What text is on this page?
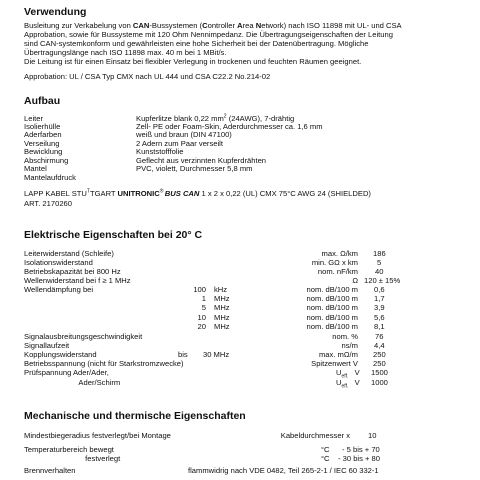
Verwendung
Busleitung zur Verkabelung von CAN-Bussystemen (Controller Area Network) nach ISO 11898 mit UL- und CSA
Approbation, sowie für Bussysteme mit 120 Ohm Nennimpedanz. Die Übertragungseigenschaften der Leitung
sind CAN-systemkonform und gewährleisten eine hohe Sicherheit bei der Datenübertragung. Mögliche
Übertragungslänge nach ISO 11898 max. 40 m bei 1 MBit/s.
Die Leitung ist für einen Einsatz bei flexibler Verlegung in trockenen und feuchten Räumen geeignet.
Approbation: UL / CSA Typ CMX nach UL 444 und CSA C22.2 No.214-02
Aufbau
Leiter	Kupferlitze blank 0,22 $mm^2$ (24AWG), 7-drähtig
Isolierhülle	Zell- PE oder Foam-Skin, Aderdurchmesser ca. 1,6 mm
Aderfarben	weiß und braun (DIN 47100)
Verseilung	2 Adern zum Paar verseilt
Bewicklung	Kunststofffolie
Abschirmung	Geflecht aus verzinnten Kupferdrähten
Mantel	PVC, violett, Durchmesser 5,8 mm
Mantelaufdruck
LAPP KABEL $STU^TTGART$ UNITRONIC® BUS CAN 1 x 2 x 0,22 (UL) CMX 75°C AWG 24 (SHIELDED)
ART. 2170260
Elektrische Eigenschaften bei 20° C
Leiterwiderstand (Schleife)	max. Ω/km 186
Isolationswiderstand	min. GΩ x km	5
Betriebskapazität bei 800 Hz	nom. nF/km 40
Wellenwiderstand bei f ≥ 1 MHz	Ω 120 ± 15%
Wellendämpfung bei	100 kHz	nom. dB/100 m 0,6
1 MHz	nom. dB/100 m 1,7
5 MHz	nom. dB/100 m 3,9
10 MHz	nom. dB/100 m 5,6
20 MHz	nom. dB/100 m 8,1
Signalausbreitungsgeschwindigkeit	nom. % 76
Signallaufzeit	ns/m 4,4
Kopplungswiderstand	bis 30 MHz	max. mΩ/m 250
Betriebsspannung (nicht für Starkstromzwecke)	Spitzenwert V 250
Prüfspannung Ader/Ader,	$U_{eff.}$   V 1500
Ader/Schirm	$U_{eff.}$   V 1000
Mechanische und thermische Eigenschaften
Mindestbiegeradius festverlegt/bei Montage	Kabeldurchmesser x 10
Temperaturbereich bewegt	°C - 5 bis + 70
festverlegt	°C - 30 bis + 80
Brennverhalten	flammwidrig nach VDE 0482, Teil 265-2-1 / IEC 60 332-1
